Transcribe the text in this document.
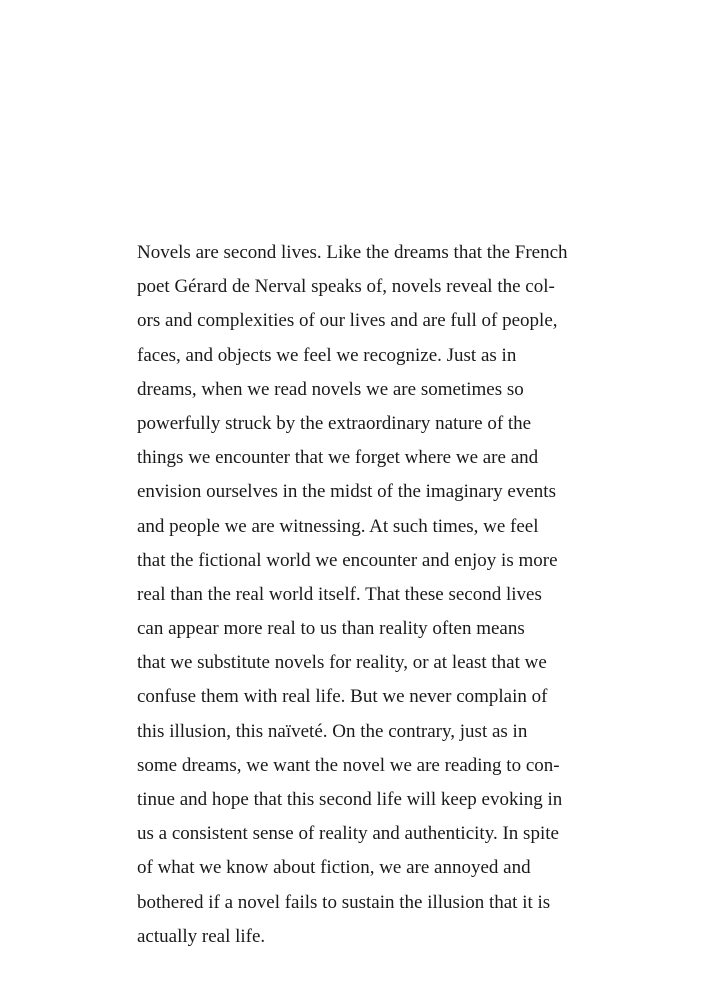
Novels are second lives. Like the dreams that the French
poet Gérard de Nerval speaks of, novels reveal the col-
ors and complexities of our lives and are full of people,
faces, and objects we feel we recognize. Just as in
dreams, when we read novels we are sometimes so
powerfully struck by the extraordinary nature of the
things we encounter that we forget where we are and
envision ourselves in the midst of the imaginary events
and people we are witnessing. At such times, we feel
that the fictional world we encounter and enjoy is more
real than the real world itself. That these second lives
can appear more real to us than reality often means
that we substitute novels for reality, or at least that we
confuse them with real life. But we never complain of
this illusion, this naïveté. On the contrary, just as in
some dreams, we want the novel we are reading to con-
tinue and hope that this second life will keep evoking in
us a consistent sense of reality and authenticity. In spite
of what we know about fiction, we are annoyed and
bothered if a novel fails to sustain the illusion that it is
actually real life.
